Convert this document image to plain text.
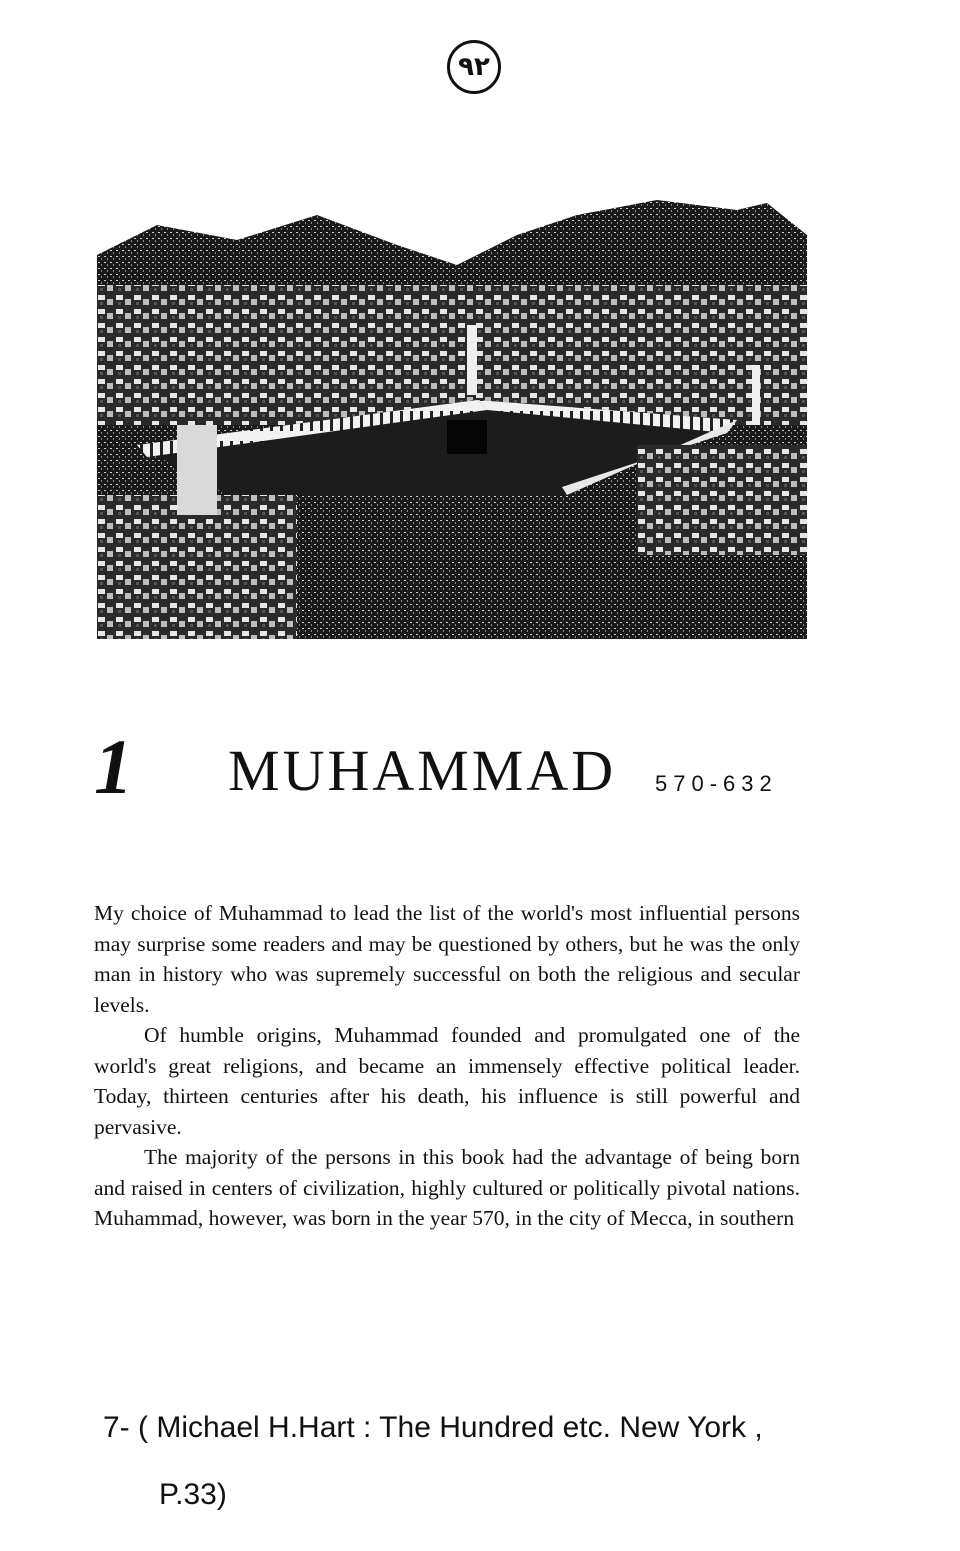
٩٢
1 MUHAMMAD 570-632

My choice of Muhammad to lead the list of the world's most influential persons may surprise some readers and may be questioned by others, but he was the only man in history who was supremely successful on both the religious and secular levels.

Of humble origins, Muhammad founded and promulgated one of the world's great religions, and became an immensely effective political leader. Today, thirteen centuries after his death, his influence is still powerful and pervasive.

The majority of the persons in this book had the advantage of being born and raised in centers of civilization, highly cultured or politically pivotal nations. Muhammad, however, was born in the year 570, in the city of Mecca, in southern

7- ( Michael H.Hart : The Hundred etc. New York ,
P.33)
